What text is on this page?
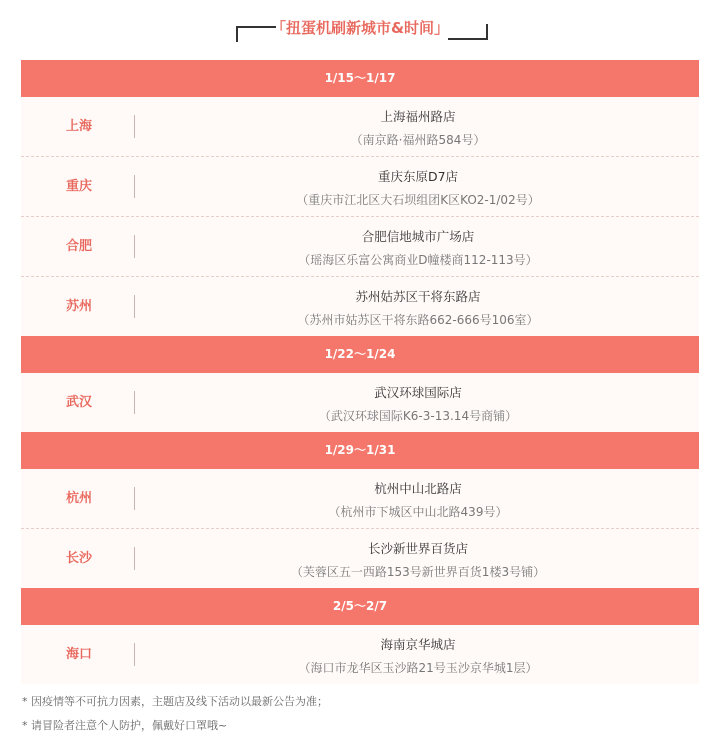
「扭蛋机刷新城市&时间」
1/15～1/17
上海
上海福州路店
（南京路·福州路584号）
重庆
重庆东原D7店
（重庆市江北区大石坝组团K区KO2-1/02号）
合肥
合肥信地城市广场店
（瑶海区乐富公寓商业D幢楼商112-113号）
苏州
苏州姑苏区干将东路店
（苏州市姑苏区干将东路662-666号106室）
1/22～1/24
武汉
武汉环球国际店
（武汉环球国际K6-3-13.14号商铺）
1/29～1/31
杭州
杭州中山北路店
（杭州市下城区中山北路439号）
长沙
长沙新世界百货店
（芙蓉区五一西路153号新世界百货1楼3号铺）
2/5～2/7
海口
海南京华城店
（海口市龙华区玉沙路21号玉沙京华城1层）
* 因疫情等不可抗力因素，主题店及线下活动以最新公告为准；
* 请冒险者注意个人防护，佩戴好口罩哦~
